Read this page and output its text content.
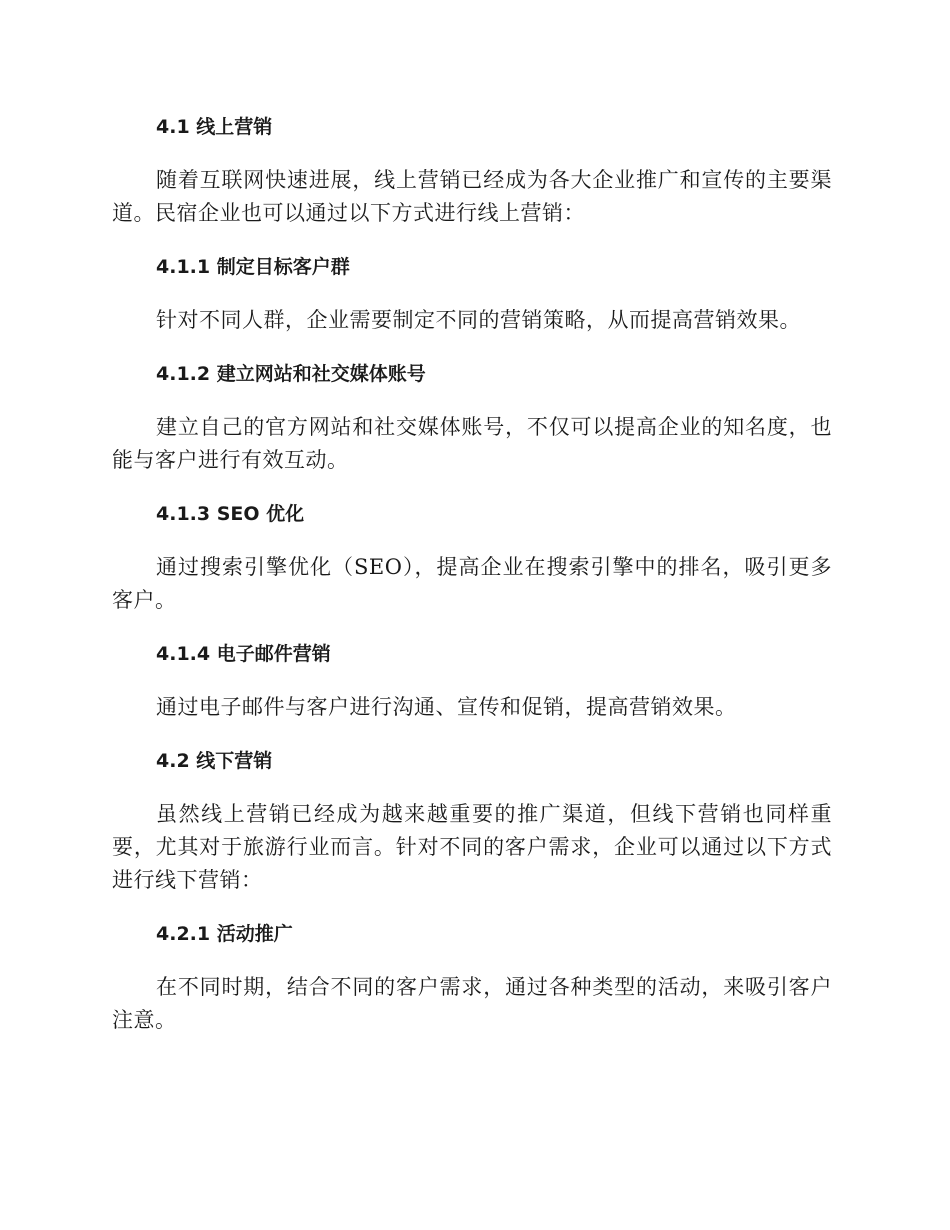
4.1 线上营销

随着互联网快速进展，线上营销已经成为各大企业推广和宣传的主要渠道。民宿企业也可以通过以下方式进行线上营销：

4.1.1 制定目标客户群

针对不同人群，企业需要制定不同的营销策略，从而提高营销效果。

4.1.2 建立网站和社交媒体账号

建立自己的官方网站和社交媒体账号，不仅可以提高企业的知名度，也能与客户进行有效互动。

4.1.3 SEO 优化

通过搜索引擎优化（SEO），提高企业在搜索引擎中的排名，吸引更多客户。

4.1.4 电子邮件营销

通过电子邮件与客户进行沟通、宣传和促销，提高营销效果。

4.2 线下营销

虽然线上营销已经成为越来越重要的推广渠道，但线下营销也同样重要，尤其对于旅游行业而言。针对不同的客户需求，企业可以通过以下方式进行线下营销：

4.2.1 活动推广

在不同时期，结合不同的客户需求，通过各种类型的活动，来吸引客户注意。
